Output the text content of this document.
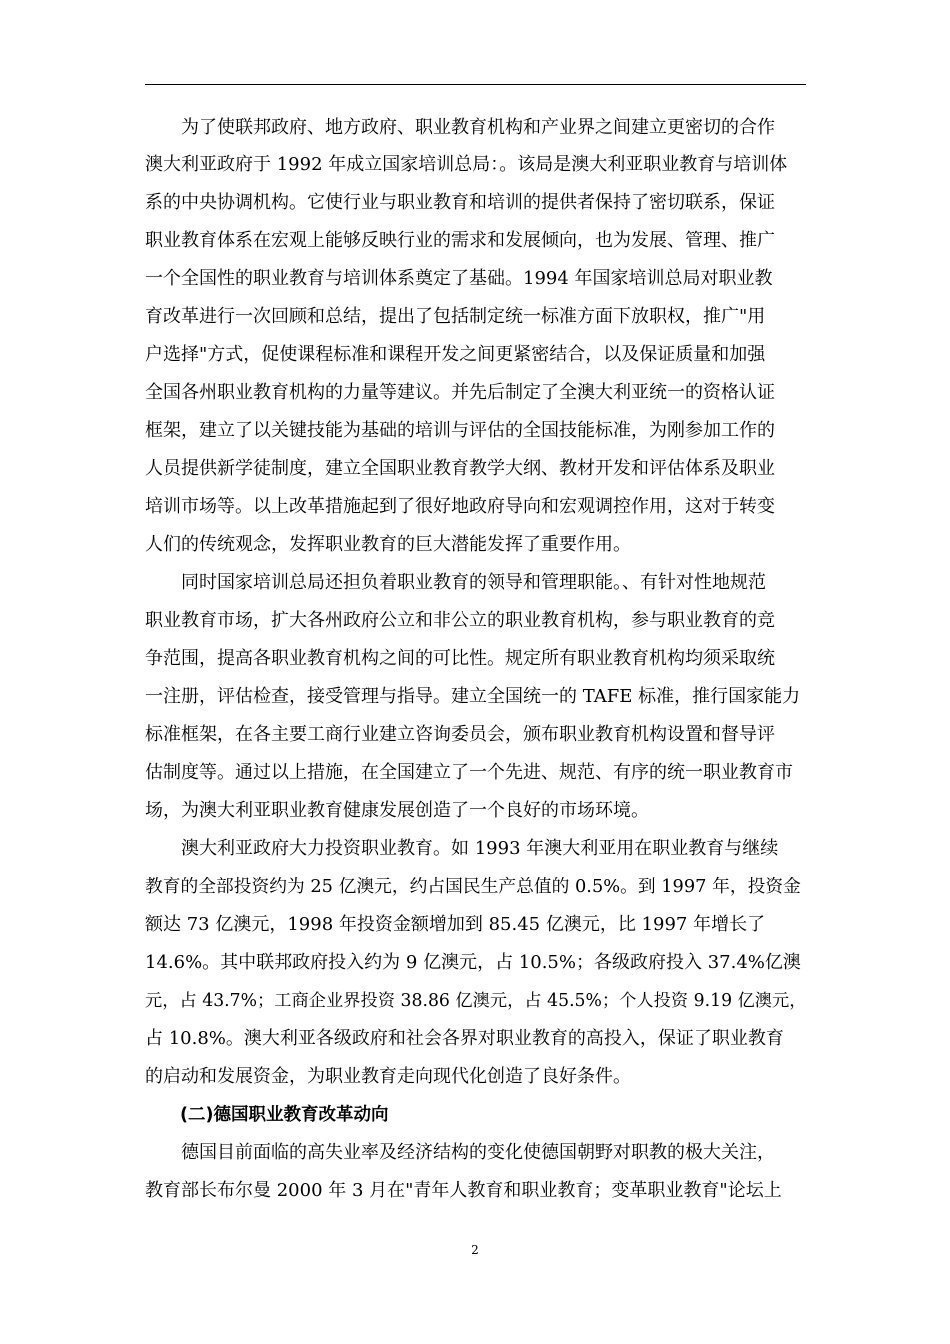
　　为了使联邦政府、地方政府、职业教育机构和产业界之间建立更密切的合作
澳大利亚政府于 1992 年成立国家培训总局：。该局是澳大利亚职业教育与培训体
系的中央协调机构。它使行业与职业教育和培训的提供者保持了密切联系，保证
职业教育体系在宏观上能够反映行业的需求和发展倾向，也为发展、管理、推广
一个全国性的职业教育与培训体系奠定了基础。1994 年国家培训总局对职业教
育改革进行一次回顾和总结，提出了包括制定统一标准方面下放职权，推广"用
户选择"方式，促使课程标准和课程开发之间更紧密结合，以及保证质量和加强
全国各州职业教育机构的力量等建议。并先后制定了全澳大利亚统一的资格认证
框架，建立了以关键技能为基础的培训与评估的全国技能标准，为刚参加工作的
人员提供新学徒制度，建立全国职业教育教学大纲、教材开发和评估体系及职业
培训市场等。以上改革措施起到了很好地政府导向和宏观调控作用，这对于转变
人们的传统观念，发挥职业教育的巨大潜能发挥了重要作用。
　　同时国家培训总局还担负着职业教育的领导和管理职能。、有针对性地规范
职业教育市场，扩大各州政府公立和非公立的职业教育机构，参与职业教育的竞
争范围，提高各职业教育机构之间的可比性。规定所有职业教育机构均须采取统
一注册，评估检查，接受管理与指导。建立全国统一的 TAFE 标准，推行国家能力
标准框架，在各主要工商行业建立咨询委员会，颁布职业教育机构设置和督导评
估制度等。通过以上措施，在全国建立了一个先进、规范、有序的统一职业教育市
场，为澳大利亚职业教育健康发展创造了一个良好的市场环境。
　　澳大利亚政府大力投资职业教育。如 1993 年澳大利亚用在职业教育与继续
教育的全部投资约为 25 亿澳元，约占国民生产总值的 0.5%。到 1997 年，投资金
额达 73 亿澳元，1998 年投资金额增加到 85.45 亿澳元，比 1997 年增长了
14.6%。其中联邦政府投入约为 9 亿澳元，占 10.5%；各级政府投入 37.4%亿澳
元，占 43.7%；工商企业界投资 38.86 亿澳元，占 45.5%；个人投资 9.19 亿澳元，
占 10.8%。澳大利亚各级政府和社会各界对职业教育的高投入，保证了职业教育
的启动和发展资金，为职业教育走向现代化创造了良好条件。
　　(二)德国职业教育改革动向
　　德国目前面临的高失业率及经济结构的变化使德国朝野对职教的极大关注，
教育部长布尔曼 2000 年 3 月在"青年人教育和职业教育；变革职业教育"论坛上
2
